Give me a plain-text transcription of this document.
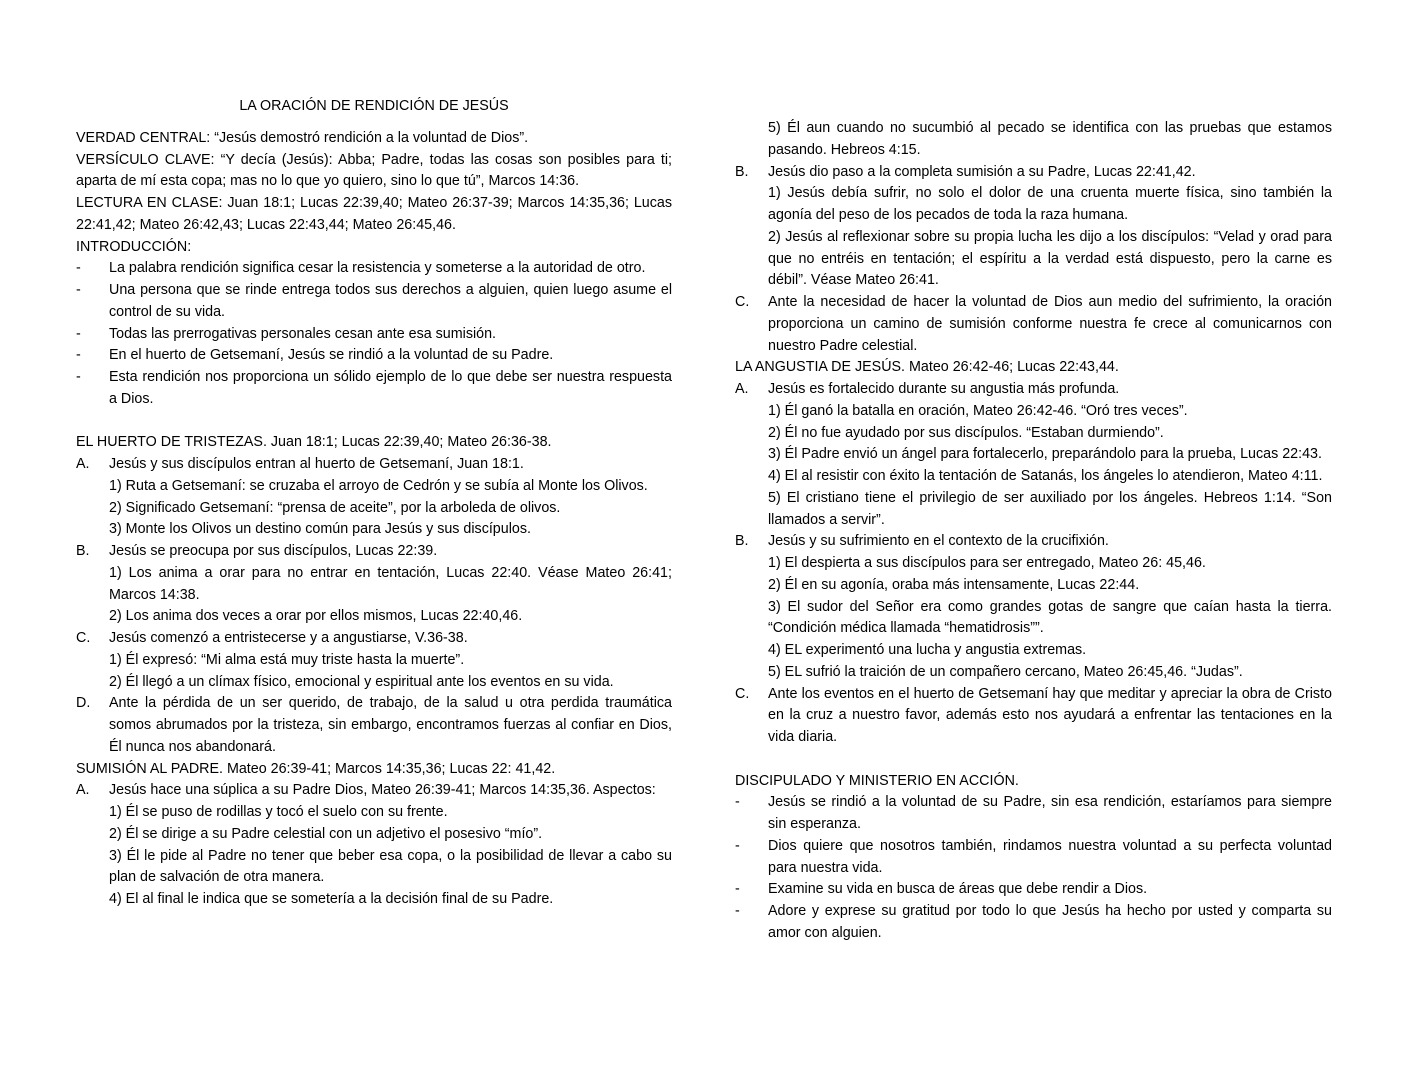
LA ORACIÓN DE RENDICIÓN DE JESÚS

VERDAD CENTRAL: “Jesús demostró rendición a la voluntad de Dios”.

VERSÍCULO CLAVE: “Y decía (Jesús): Abba; Padre, todas las cosas son posibles para ti; aparta de mí esta copa; mas no lo que yo quiero, sino lo que tú”, Marcos 14:36.

LECTURA EN CLASE: Juan 18:1; Lucas 22:39,40; Mateo 26:37-39; Marcos 14:35,36; Lucas 22:41,42; Mateo 26:42,43; Lucas 22:43,44; Mateo 26:45,46.

INTRODUCCIÓN:

- La palabra rendición significa cesar la resistencia y someterse a la autoridad de otro.

- Una persona que se rinde entrega todos sus derechos a alguien, quien luego asume el control de su vida.

- Todas las prerrogativas personales cesan ante esa sumisión.

- En el huerto de Getsemaní, Jesús se rindió a la voluntad de su Padre.

- Esta rendición nos proporciona un sólido ejemplo de lo que debe ser nuestra respuesta a Dios.

EL HUERTO DE TRISTEZAS. Juan 18:1; Lucas 22:39,40; Mateo 26:36-38.

A. Jesús y sus discípulos entran al huerto de Getsemaní, Juan 18:1.

1) Ruta a Getsemaní: se cruzaba el arroyo de Cedrón y se subía al Monte los Olivos.

2) Significado Getsemaní: “prensa de aceite”, por la arboleda de olivos.

3) Monte los Olivos un destino común para Jesús y sus discípulos.

B. Jesús se preocupa por sus discípulos, Lucas 22:39.

1) Los anima a orar para no entrar en tentación, Lucas 22:40. Véase Mateo 26:41; Marcos 14:38.

2) Los anima dos veces a orar por ellos mismos, Lucas 22:40,46.

C. Jesús comenzó a entristecerse y a angustiarse, V.36-38.

1) Él expresó: “Mi alma está muy triste hasta la muerte”.

2) Él llegó a un clímax físico, emocional y espiritual ante los eventos en su vida.

D. Ante la pérdida de un ser querido, de trabajo, de la salud u otra perdida traumática somos abrumados por la tristeza, sin embargo, encontramos fuerzas al confiar en Dios, Él nunca nos abandonará.

SUMISIÓN AL PADRE. Mateo 26:39-41; Marcos 14:35,36; Lucas 22: 41,42.

A. Jesús hace una súplica a su Padre Dios, Mateo 26:39-41; Marcos 14:35,36. Aspectos:

1) Él se puso de rodillas y tocó el suelo con su frente.

2) Él se dirige a su Padre celestial con un adjetivo el posesivo “mío”.

3) Él le pide al Padre no tener que beber esa copa, o la posibilidad de llevar a cabo su plan de salvación de otra manera.

4) El al final le indica que se sometería a la decisión final de su Padre.

5) Él aun cuando no sucumbió al pecado se identifica con las pruebas que estamos pasando. Hebreos 4:15.

B. Jesús dio paso a la completa sumisión a su Padre, Lucas 22:41,42.

1) Jesús debía sufrir, no solo el dolor de una cruenta muerte física, sino también la agonía del peso de los pecados de toda la raza humana.

2) Jesús al reflexionar sobre su propia lucha les dijo a los discípulos: “Velad y orad para que no entréis en tentación; el espíritu a la verdad está dispuesto, pero la carne es débil”. Véase Mateo 26:41.

C. Ante la necesidad de hacer la voluntad de Dios aun medio del sufrimiento, la oración proporciona un camino de sumisión conforme nuestra fe crece al comunicarnos con nuestro Padre celestial.

LA ANGUSTIA DE JESÚS. Mateo 26:42-46; Lucas 22:43,44.

A. Jesús es fortalecido durante su angustia más profunda.

1) Él ganó la batalla en oración, Mateo 26:42-46. “Oró tres veces”.

2) Él no fue ayudado por sus discípulos. “Estaban durmiendo”.

3) Él Padre envió un ángel para fortalecerlo, preparándolo para la prueba, Lucas 22:43.

4) El al resistir con éxito la tentación de Satanás, los ángeles lo atendieron, Mateo 4:11.

5) El cristiano tiene el privilegio de ser auxiliado por los ángeles. Hebreos 1:14. “Son llamados a servir”.

B. Jesús y su sufrimiento en el contexto de la crucifixión.

1) El despierta a sus discípulos para ser entregado, Mateo 26: 45,46.

2) Él en su agonía, oraba más intensamente, Lucas 22:44.

3) El sudor del Señor era como grandes gotas de sangre que caían hasta la tierra. “Condición médica llamada “hematidrosis””.

4) EL experimentó una lucha y angustia extremas.

5) EL sufrió la traición de un compañero cercano, Mateo 26:45,46. “Judas”.

C. Ante los eventos en el huerto de Getsemaní hay que meditar y apreciar la obra de Cristo en la cruz a nuestro favor, además esto nos ayudará a enfrentar las tentaciones en la vida diaria.

DISCIPULADO Y MINISTERIO EN ACCIÓN.

- Jesús se rindió a la voluntad de su Padre, sin esa rendición, estaríamos para siempre sin esperanza.

- Dios quiere que nosotros también, rindamos nuestra voluntad a su perfecta voluntad para nuestra vida.

- Examine su vida en busca de áreas que debe rendir a Dios.

- Adore y exprese su gratitud por todo lo que Jesús ha hecho por usted y comparta su amor con alguien.
